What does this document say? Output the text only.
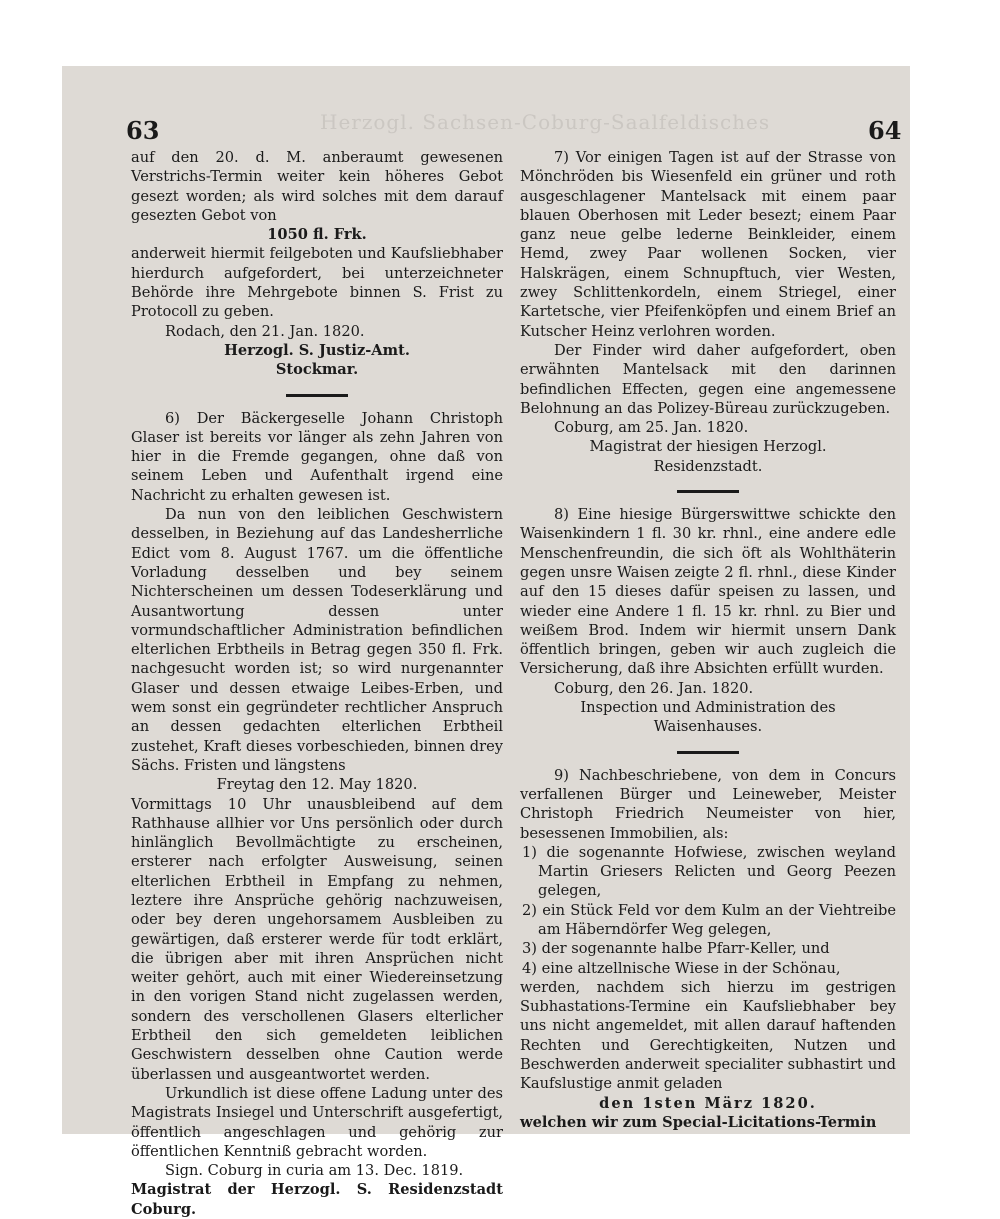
Herzogl. Sachsen-Coburg-Saalfeldisches
63	64

auf den 20. d. M. anberaumt gewesenen Verstrichs-Termin weiter kein höheres Gebot gesezt worden; als wird solches mit dem darauf gesezten Gebot von

1050 fl. Frk.

anderweit hiermit feilgeboten und Kaufsliebhaber hierdurch aufgefordert, bei unterzeichneter Behörde ihre Mehrgebote binnen S. Frist zu Protocoll zu geben.

Rodach, den 21. Jan. 1820.

Herzogl. S. Justiz-Amt.

Stockmar.

6) Der Bäckergeselle Johann Christoph Glaser ist bereits vor länger als zehn Jahren von hier in die Fremde gegangen, ohne daß von seinem Leben und Aufenthalt irgend eine Nachricht zu erhalten gewesen ist.

Da nun von den leiblichen Geschwistern desselben, in Beziehung auf das Landesherrliche Edict vom 8. August 1767. um die öffentliche Vorladung desselben und bey seinem Nichterscheinen um dessen Todeserklärung und Ausantwortung dessen unter vormundschaftlicher Administration befindlichen elterlichen Erbtheils in Betrag gegen 350 fl. Frk. nachgesucht worden ist; so wird nurgenannter Glaser und dessen etwaige Leibes-Erben, und wem sonst ein gegründeter rechtlicher Anspruch an dessen gedachten elterlichen Erbtheil zustehet, Kraft dieses vorbeschieden, binnen drey Sächs. Fristen und längstens

Freytag den 12. May 1820.

Vormittags 10 Uhr unausbleibend auf dem Rathhause allhier vor Uns persönlich oder durch hinlänglich Bevollmächtigte zu erscheinen, ersterer nach erfolgter Ausweisung, seinen elterlichen Erbtheil in Empfang zu nehmen, leztere ihre Ansprüche gehörig nachzuweisen, oder bey deren ungehorsamem Ausbleiben zu gewärtigen, daß ersterer werde für todt erklärt, die übrigen aber mit ihren Ansprüchen nicht weiter gehört, auch mit einer Wiedereinsetzung in den vorigen Stand nicht zugelassen werden, sondern des verschollenen Glasers elterlicher Erbtheil den sich gemeldeten leiblichen Geschwistern desselben ohne Caution werde überlassen und ausgeantwortet werden.

Urkundlich ist diese offene Ladung unter des Magistrats Insiegel und Unterschrift ausgefertigt, öffentlich angeschlagen und gehörig zur öffentlichen Kenntniß gebracht worden.

Sign. Coburg in curia am 13. Dec. 1819.

Magistrat der Herzogl. S. Residenzstadt Coburg.

7) Vor einigen Tagen ist auf der Strasse von Mönchröden bis Wiesenfeld ein grüner und roth ausgeschlagener Mantelsack mit einem paar blauen Oberhosen mit Leder besezt; einem Paar ganz neue gelbe lederne Beinkleider, einem Hemd, zwey Paar wollenen Socken, vier Halskrägen, einem Schnupftuch, vier Westen, zwey Schlittenkordeln, einem Striegel, einer Kartetsche, vier Pfeifenköpfen und einem Brief an Kutscher Heinz verlohren worden.

Der Finder wird daher aufgefordert, oben erwähnten Mantelsack mit den darinnen befindlichen Effecten, gegen eine angemessene Belohnung an das Polizey-Büreau zurückzugeben.

Coburg, am 25. Jan. 1820.

Magistrat der hiesigen Herzogl.

Residenzstadt.

8) Eine hiesige Bürgerswittwe schickte den Waisenkindern 1 fl. 30 kr. rhnl., eine andere edle Menschenfreundin, die sich öft als Wohlthäterin gegen unsre Waisen zeigte 2 fl. rhnl., diese Kinder auf den 15 dieses dafür speisen zu lassen, und wieder eine Andere 1 fl. 15 kr. rhnl. zu Bier und weißem Brod. Indem wir hiermit unsern Dank öffentlich bringen, geben wir auch zugleich die Versicherung, daß ihre Absichten erfüllt wurden.

Coburg, den 26. Jan. 1820.

Inspection und Administration des

Waisenhauses.

9) Nachbeschriebene, von dem in Concurs verfallenen Bürger und Leineweber, Meister Christoph Friedrich Neumeister von hier, besessenen Immobilien, als:

1) die sogenannte Hofwiese, zwischen weyland Martin Griesers Relicten und Georg Peezen gelegen,

2) ein Stück Feld vor dem Kulm an der Viehtreibe am Häberndörfer Weg gelegen,

3) der sogenannte halbe Pfarr-Keller, und

4) eine altzellnische Wiese in der Schönau,

werden, nachdem sich hierzu im gestrigen Subhastations-Termine ein Kaufsliebhaber bey uns nicht angemeldet, mit allen darauf haftenden Rechten und Gerechtigkeiten, Nutzen und Beschwerden anderweit specialiter subhastirt und Kaufslustige anmit geladen

den 1sten März 1820.

welchen wir zum Special-Licitations-Termin
